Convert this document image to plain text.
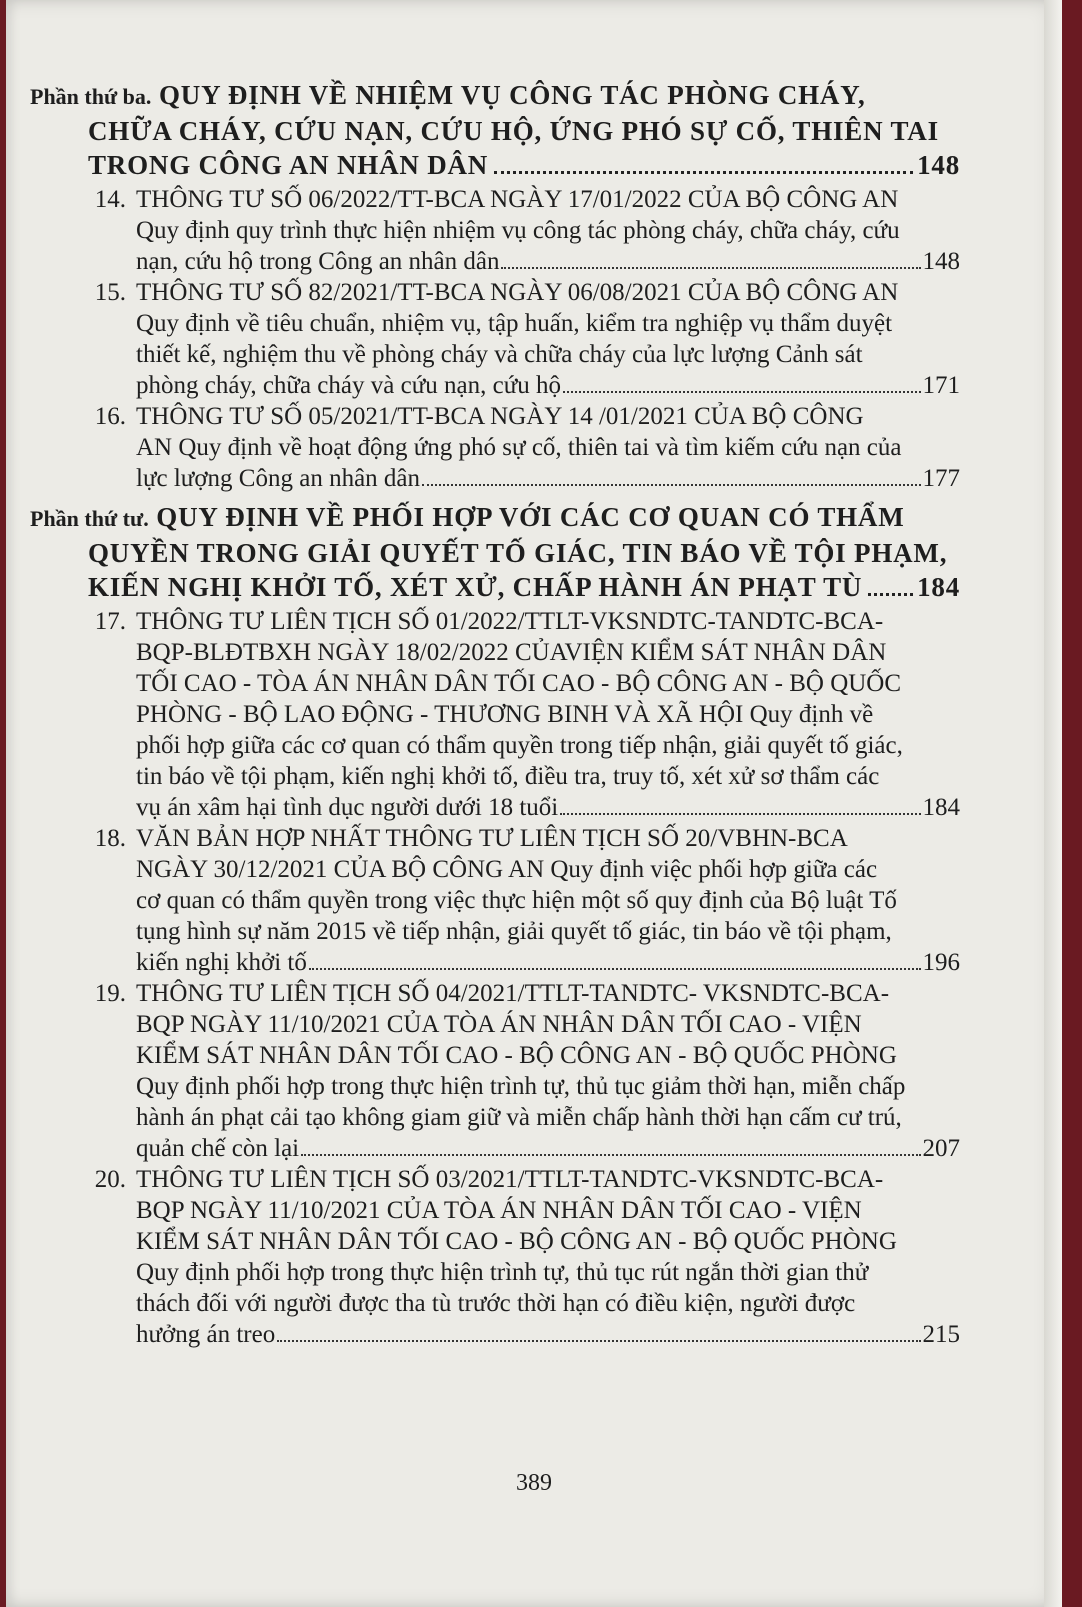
Phần thứ ba. QUY ĐỊNH VỀ NHIỆM VỤ CÔNG TÁC PHÒNG CHÁY,
CHỮA CHÁY, CỨU NẠN, CỨU HỘ, ỨNG PHÓ SỰ CỐ, THIÊN TAI
TRONG CÔNG AN NHÂN DÂN	148
14. THÔNG TƯ SỐ 06/2022/TT-BCA NGÀY 17/01/2022 CỦA BỘ CÔNG AN
Quy định quy trình thực hiện nhiệm vụ công tác phòng cháy, chữa cháy, cứu
nạn, cứu hộ trong Công an nhân dân	148
15. THÔNG TƯ SỐ 82/2021/TT-BCA NGÀY 06/08/2021 CỦA BỘ CÔNG AN
Quy định về tiêu chuẩn, nhiệm vụ, tập huấn, kiểm tra nghiệp vụ thẩm duyệt
thiết kế, nghiệm thu về phòng cháy và chữa cháy của lực lượng Cảnh sát
phòng cháy, chữa cháy và cứu nạn, cứu hộ	171
16. THÔNG TƯ SỐ 05/2021/TT-BCA NGÀY 14 /01/2021 CỦA BỘ CÔNG
AN Quy định về hoạt động ứng phó sự cố, thiên tai và tìm kiếm cứu nạn của
lực lượng Công an nhân dân	177
Phần thứ tư. QUY ĐỊNH VỀ PHỐI HỢP VỚI CÁC CƠ QUAN CÓ THẨM
QUYỀN TRONG GIẢI QUYẾT TỐ GIÁC, TIN BÁO VỀ TỘI PHẠM,
KIẾN NGHỊ KHỞI TỐ, XÉT XỬ, CHẤP HÀNH ÁN PHẠT TÙ 184
17. THÔNG TƯ LIÊN TỊCH SỐ 01/2022/TTLT-VKSNDTC-TANDTC-BCA-
BQP-BLĐTBXH NGÀY 18/02/2022 CỦAVIỆN KIỂM SÁT NHÂN DÂN
TỐI CAO - TÒA ÁN NHÂN DÂN TỐI CAO - BỘ CÔNG AN - BỘ QUỐC
PHÒNG - BỘ LAO ĐỘNG - THƯƠNG BINH VÀ XÃ HỘI Quy định về
phối hợp giữa các cơ quan có thẩm quyền trong tiếp nhận, giải quyết tố giác,
tin báo về tội phạm, kiến nghị khởi tố, điều tra, truy tố, xét xử sơ thẩm các
vụ án xâm hại tình dục người dưới 18 tuổi	184
18. VĂN BẢN HỢP NHẤT THÔNG TƯ LIÊN TỊCH SỐ 20/VBHN-BCA
NGÀY 30/12/2021 CỦA BỘ CÔNG AN Quy định việc phối hợp giữa các
cơ quan có thẩm quyền trong việc thực hiện một số quy định của Bộ luật Tố
tụng hình sự năm 2015 về tiếp nhận, giải quyết tố giác, tin báo về tội phạm,
kiến nghị khởi tố	196
19. THÔNG TƯ LIÊN TỊCH SỐ 04/2021/TTLT-TANDTC- VKSNDTC-BCA-
BQP NGÀY 11/10/2021 CỦA TÒA ÁN NHÂN DÂN TỐI CAO - VIỆN
KIỂM SÁT NHÂN DÂN TỐI CAO - BỘ CÔNG AN - BỘ QUỐC PHÒNG
Quy định phối hợp trong thực hiện trình tự, thủ tục giảm thời hạn, miễn chấp
hành án phạt cải tạo không giam giữ và miễn chấp hành thời hạn cấm cư trú,
quản chế còn lại	207
20. THÔNG TƯ LIÊN TỊCH SỐ 03/2021/TTLT-TANDTC-VKSNDTC-BCA-
BQP NGÀY 11/10/2021 CỦA TÒA ÁN NHÂN DÂN TỐI CAO - VIỆN
KIỂM SÁT NHÂN DÂN TỐI CAO - BỘ CÔNG AN - BỘ QUỐC PHÒNG
Quy định phối hợp trong thực hiện trình tự, thủ tục rút ngắn thời gian thử
thách đối với người được tha tù trước thời hạn có điều kiện, người được
hưởng án treo	215
389
